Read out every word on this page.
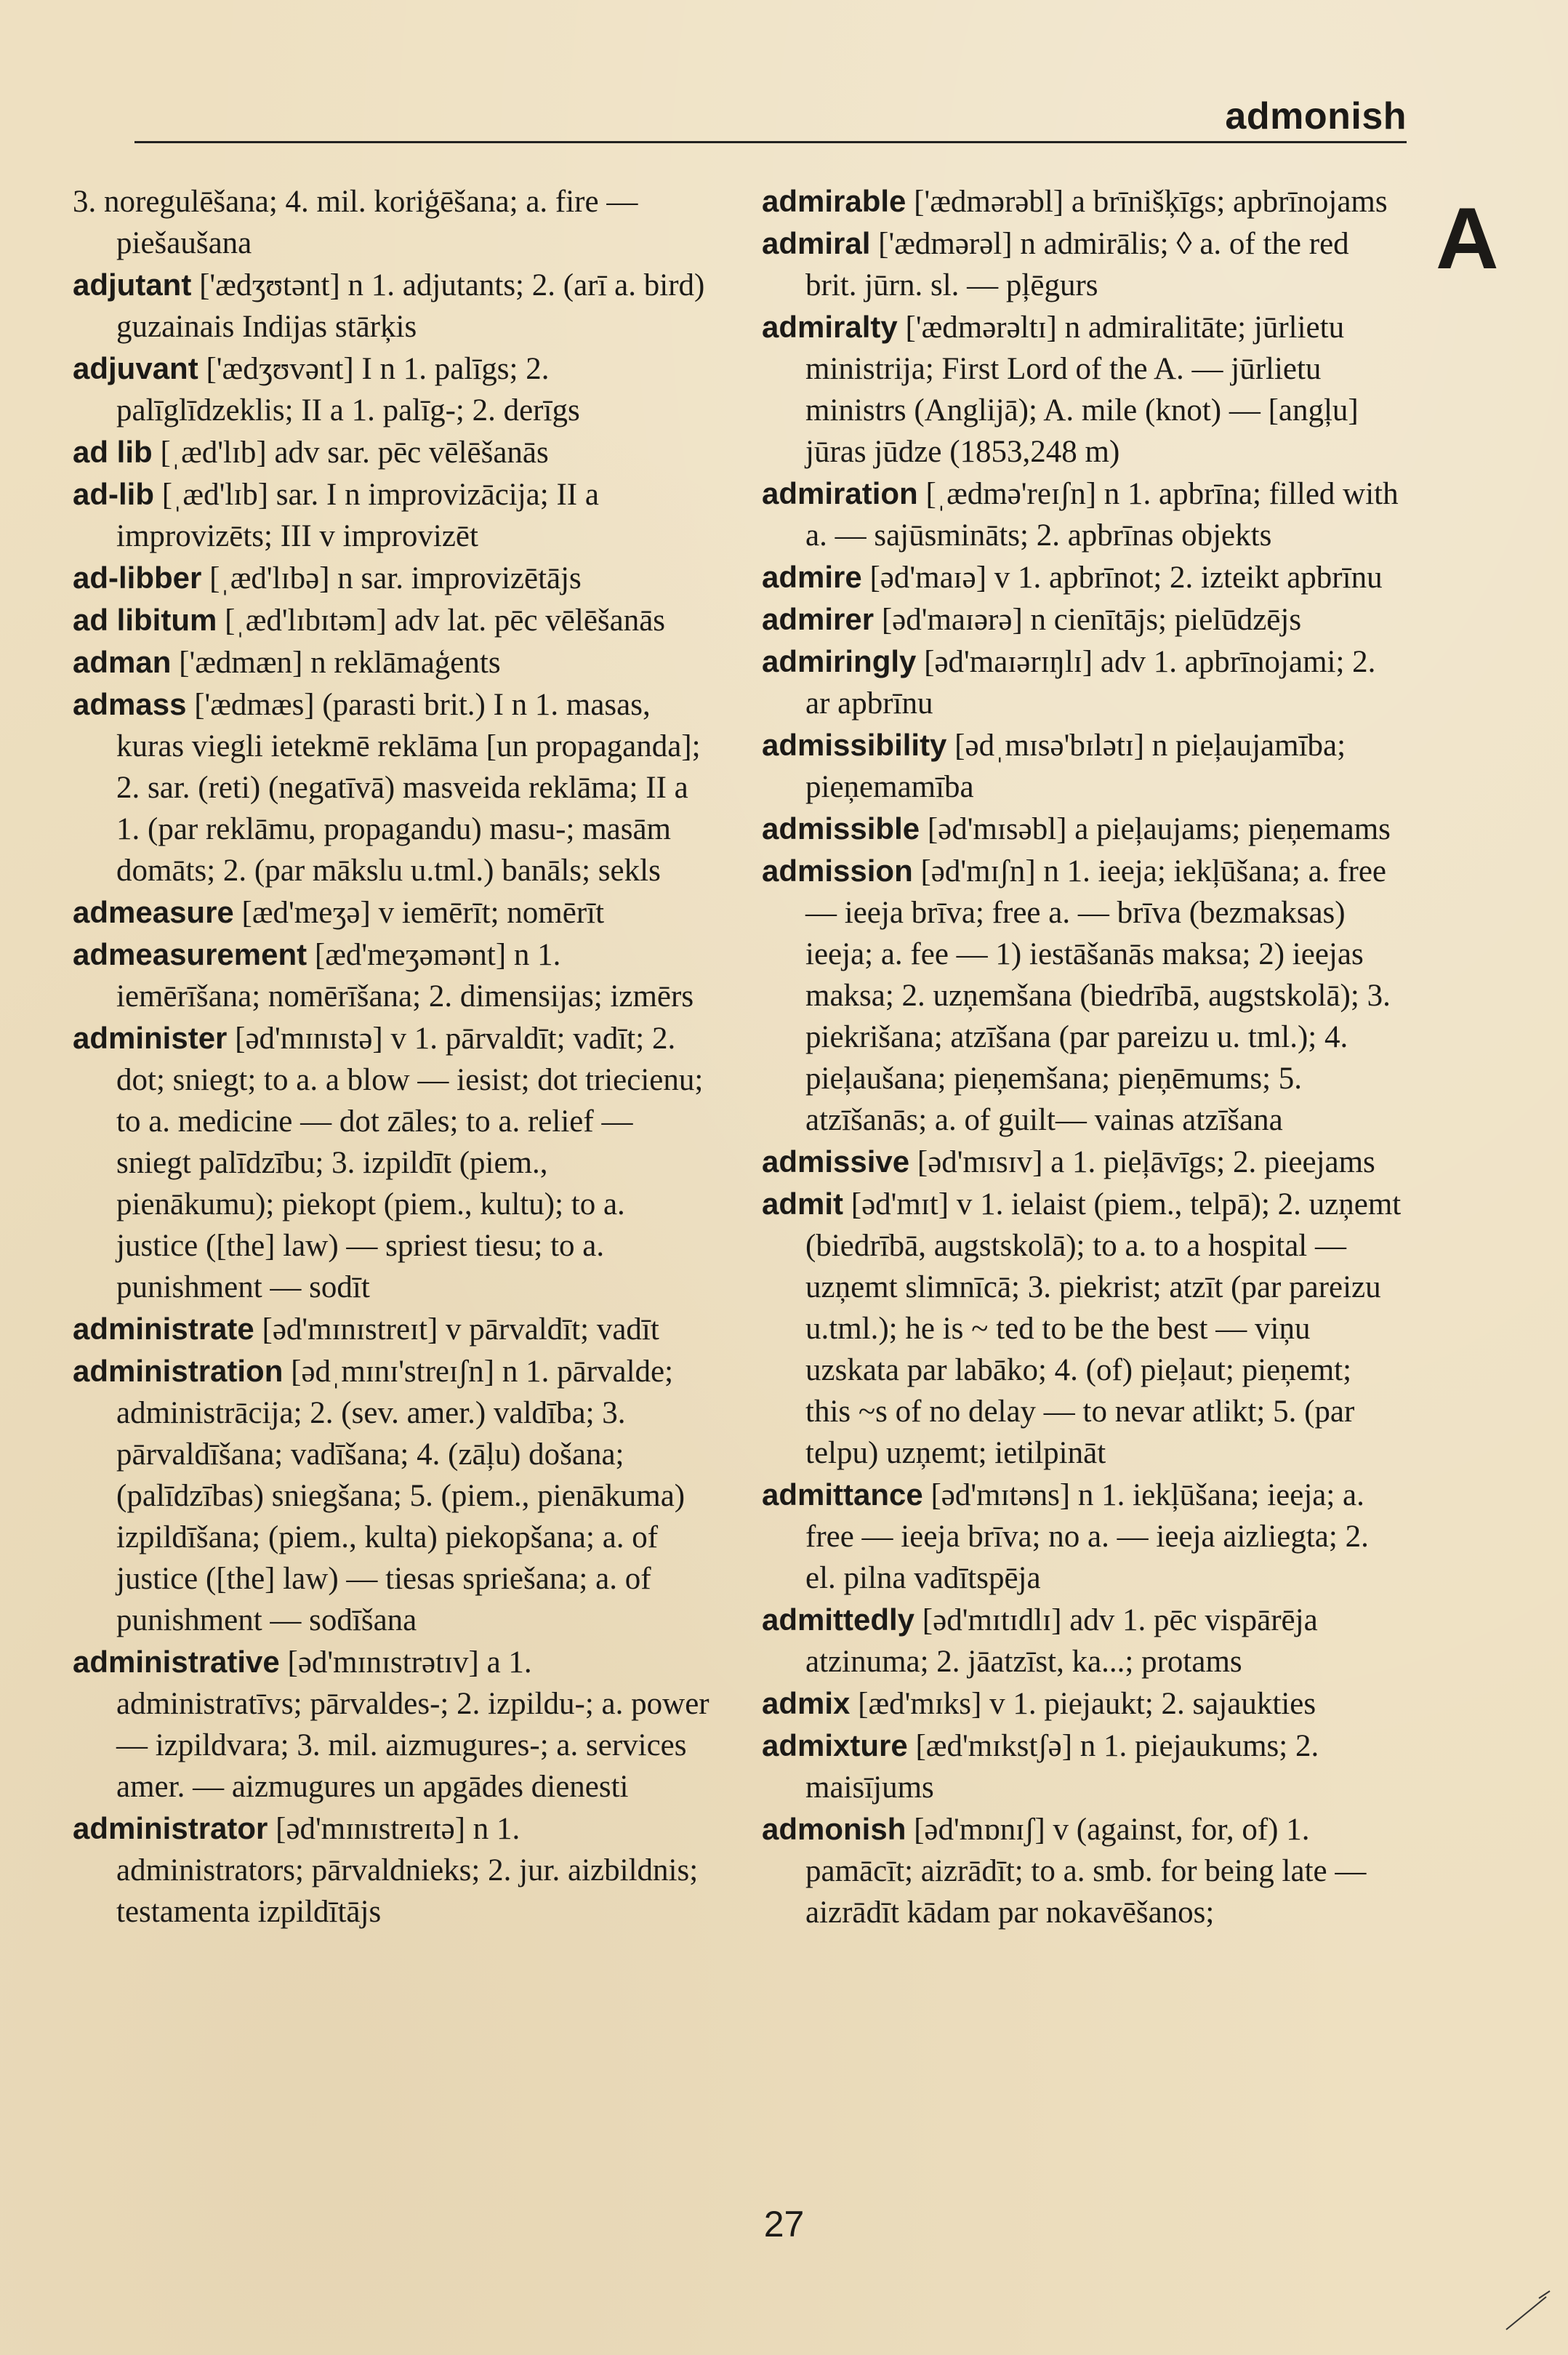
admonish
A

3. noregulēšana; 4. mil. koriģēšana; a. fire — piešaušana

adjutant ['ædʒʊtənt] n 1. adjutants; 2. (arī a. bird) guzainais Indijas stārķis

adjuvant ['ædʒʊvənt] I n 1. palīgs; 2. palīglīdzeklis; II a 1. palīg-; 2. derīgs

ad lib [ˌæd'lɪb] adv sar. pēc vēlēšanās

ad-lib [ˌæd'lɪb] sar. I n improvizācija; II a improvizēts; III v improvizēt

ad-libber [ˌæd'lɪbə] n sar. improvizētājs

ad libitum [ˌæd'lɪbɪtəm] adv lat. pēc vēlēšanās

adman ['ædmæn] n reklāmaģents

admass ['ædmæs] (parasti brit.) I n 1. masas, kuras viegli ietekmē reklāma [un propaganda]; 2. sar. (reti) (negatīvā) masveida reklāma; II a 1. (par reklāmu, propagandu) masu-; masām domāts; 2. (par mākslu u.tml.) banāls; sekls

admeasure [æd'meʒə] v iemērīt; nomērīt

admeasurement [æd'meʒəmənt] n 1. iemērīšana; nomērīšana; 2. dimensijas; izmērs

administer [əd'mɪnɪstə] v 1. pārvaldīt; vadīt; 2. dot; sniegt; to a. a blow — iesist; dot triecienu; to a. medicine — dot zāles; to a. relief — sniegt palīdzību; 3. izpildīt (piem., pienākumu); piekopt (piem., kultu); to a. justice ([the] law) — spriest tiesu; to a. punishment — sodīt

administrate [əd'mɪnɪstreɪt] v pārvaldīt; vadīt

administration [ədˌmɪnɪ'streɪʃn] n 1. pārvalde; administrācija; 2. (sev. amer.) valdība; 3. pārvaldīšana; vadīšana; 4. (zāļu) došana; (palīdzības) sniegšana; 5. (piem., pienākuma) izpildīšana; (piem., kulta) piekopšana; a. of justice ([the] law) — tiesas spriešana; a. of punishment — sodīšana

administrative [əd'mɪnɪstrətɪv] a 1. administratīvs; pārvaldes-; 2. izpildu-; a. power — izpildvara; 3. mil. aizmugures-; a. services amer. — aizmugures un apgādes dienesti

administrator [əd'mɪnɪstreɪtə] n 1. administrators; pārvaldnieks; 2. jur. aizbildnis; testamenta izpildītājs

admirable ['ædmərəbl] a brīnišķīgs; apbrīnojams

admiral ['ædmərəl] n admirālis; ◊ a. of the red brit. jūrn. sl. — pļēgurs

admiralty ['ædmərəltɪ] n admiralitāte; jūrlietu ministrija; First Lord of the A. — jūrlietu ministrs (Anglijā); A. mile (knot) — [angļu] jūras jūdze (1853,248 m)

admiration [ˌædmə'reɪʃn] n 1. apbrīna; filled with a. — sajūsmināts; 2. apbrīnas objekts

admire [əd'maɪə] v 1. apbrīnot; 2. izteikt apbrīnu

admirer [əd'maɪərə] n cienītājs; pielūdzējs

admiringly [əd'maɪərɪŋlɪ] adv 1. apbrīnojami; 2. ar apbrīnu

admissibility [ədˌmɪsə'bɪlətɪ] n pieļaujamība; pieņemamība

admissible [əd'mɪsəbl] a pieļaujams; pieņemams

admission [əd'mɪʃn] n 1. ieeja; iekļūšana; a. free — ieeja brīva; free a. — brīva (bezmaksas) ieeja; a. fee — 1) iestāšanās maksa; 2) ieejas maksa; 2. uzņemšana (biedrībā, augstskolā); 3. piekrišana; atzīšana (par pareizu u. tml.); 4. pieļaušana; pieņemšana; pieņēmums; 5. atzīšanās; a. of guilt— vainas atzīšana

admissive [əd'mɪsɪv] a 1. pieļāvīgs; 2. pieejams

admit [əd'mɪt] v 1. ielaist (piem., telpā); 2. uzņemt (biedrībā, augstskolā); to a. to a hospital — uzņemt slimnīcā; 3. piekrist; atzīt (par pareizu u.tml.); he is ~ ted to be the best — viņu uzskata par labāko; 4. (of) pieļaut; pieņemt; this ~s of no delay — to nevar atlikt; 5. (par telpu) uzņemt; ietilpināt

admittance [əd'mɪtəns] n 1. iekļūšana; ieeja; a. free — ieeja brīva; no a. — ieeja aizliegta; 2. el. pilna vadītspēja

admittedly [əd'mɪtɪdlɪ] adv 1. pēc vispārēja atzinuma; 2. jāatzīst, ka...; protams

admix [æd'mɪks] v 1. piejaukt; 2. sajaukties

admixture [æd'mɪkstʃə] n 1. piejaukums; 2. maisījums

admonish [əd'mɒnɪʃ] v (against, for, of) 1. pamācīt; aizrādīt; to a. smb. for being late — aizrādīt kādam par nokavēšanos;

27
